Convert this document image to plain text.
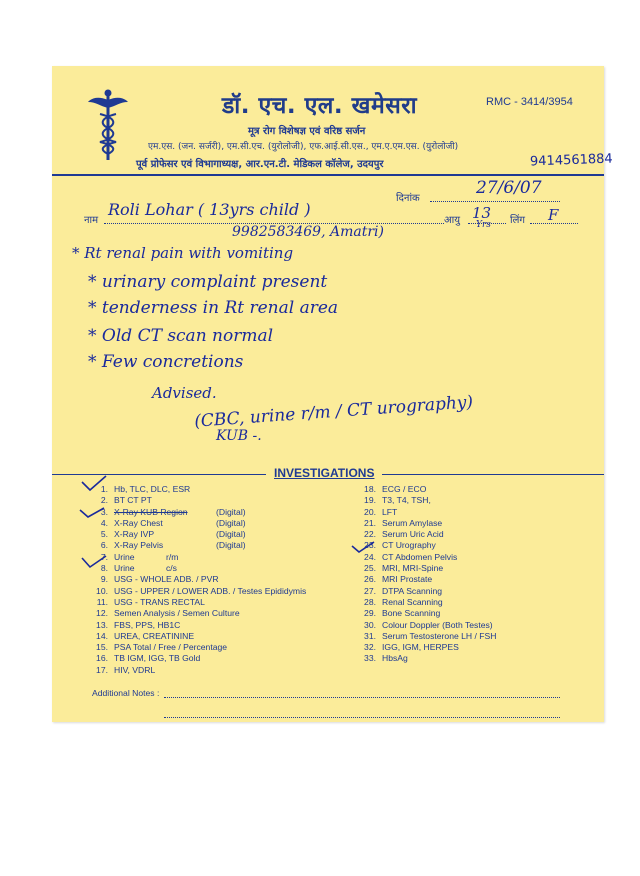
डॉ. एच. एल. खमेसरा	RMC - 3414/3954
मूत्र रोग विशेषज्ञ एवं वरिष्ठ सर्जन
एम.एस. (जन. सर्जरी), एम.सी.एच. (युरोलोजी), एफ.आई.सी.एस., एम.ए.एम.एस. (युरोलोजी)
पूर्व प्रोफेसर एवं विभागाध्यक्ष, आर.एन.टी. मेडिकल कॉलेज, उदयपुर	9414561884
दिनांक
27/6/07
नाम
Roli Lohar ( 13yrs child )
आयु 13
Yrs लिंग F
9982583469, Amatri)
* Rt renal pain with vomiting
* urinary complaint present
* tenderness in Rt renal area
* Old CT scan normal
* Few concretions
Advised.
(CBC, urine r/m / CT urography)
KUB -.
INVESTIGATIONS
1. Hb, TLC, DLC, ESR
2. BT CT PT
3. X-Ray KUB Region	(Digital)
4. X-Ray Chest	(Digital)
5. X-Ray IVP	(Digital)
6. X-Ray Pelvis	(Digital)
7. Urine	r/m
8. Urine	c/s
9. USG - WHOLE ADB. / PVR
10. USG - UPPER / LOWER ADB. / Testes Epididymis
11. USG - TRANS RECTAL
12. Semen Analysis / Semen Culture
13. FBS, PPS, HB1C
14. UREA, CREATININE
15. PSA Total / Free / Percentage
16. TB IGM, IGG, TB Gold
17. HIV, VDRL
18. ECG / ECO
19. T3, T4, TSH,
20. LFT
21. Serum Amylase
22. Serum Uric Acid
23. CT Urography
24. CT Abdomen Pelvis
25. MRI, MRI-Spine
26. MRI Prostate
27. DTPA Scanning
28. Renal Scanning
29. Bone Scanning
30. Colour Doppler (Both Testes)
31. Serum Testosterone LH / FSH
32. IGG, IGM, HERPES
33. HbsAg
Additional Notes :
